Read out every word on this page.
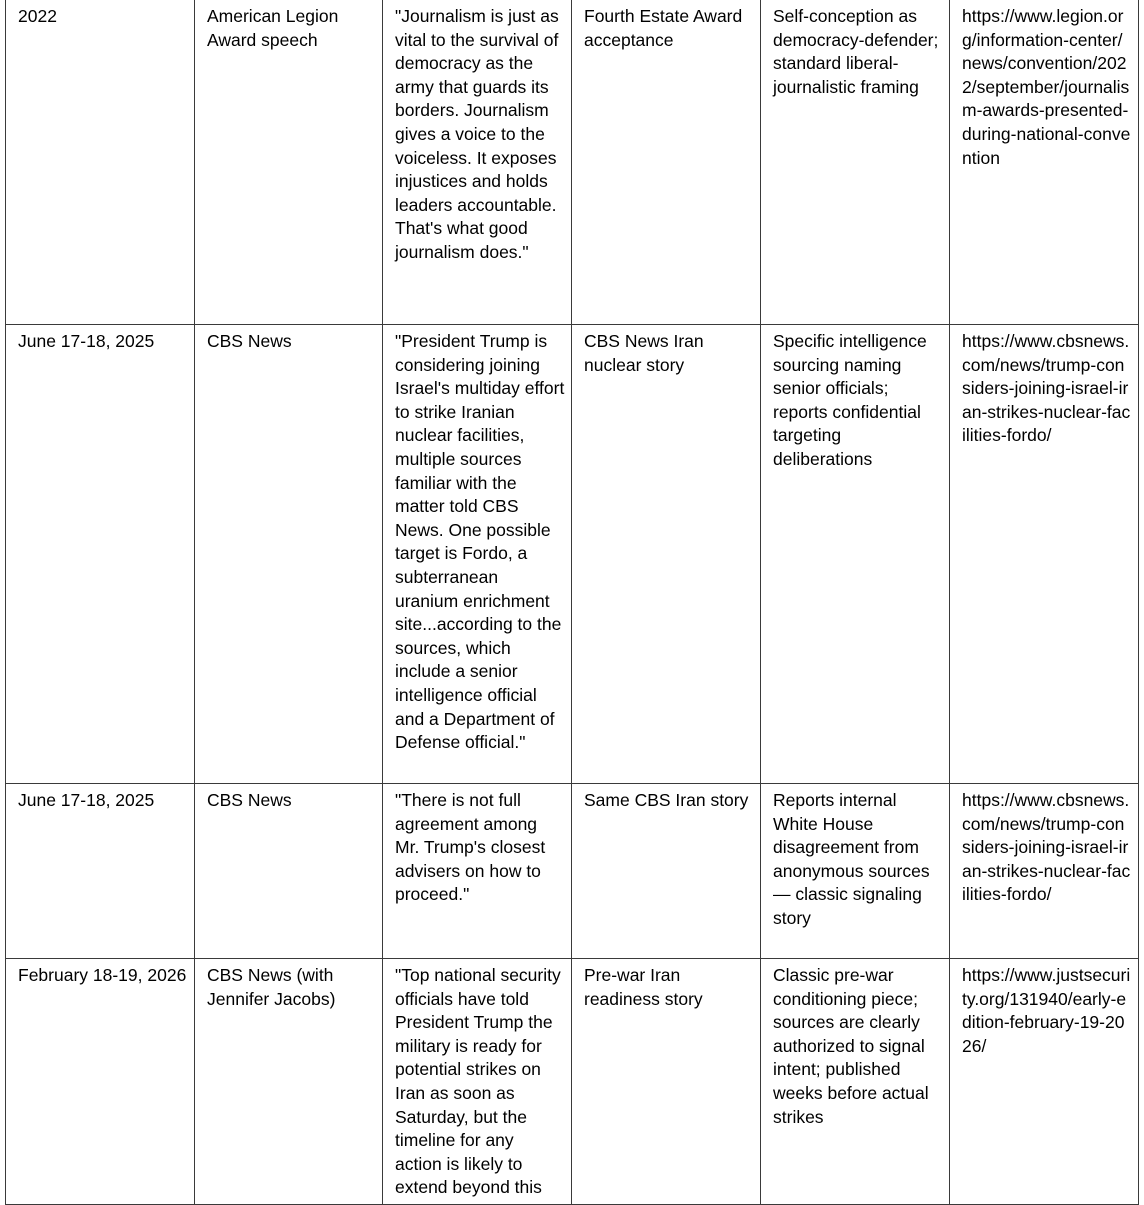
2022	American Legion Award speech	"Journalism is just as vital to the survival of democracy as the army that guards its borders. Journalism gives a voice to the voiceless. It exposes injustices and holds leaders accountable. That's what good journalism does."	Fourth Estate Award acceptance	Self-conception as democracy-defender; standard liberal-journalistic framing	https://www.legion.org/information-center/news/convention/2022/september/journalism-awards-presented-during-national-convention

June 17-18, 2025	CBS News	"President Trump is considering joining Israel's multiday effort to strike Iranian nuclear facilities, multiple sources familiar with the matter told CBS News. One possible target is Fordo, a subterranean uranium enrichment site...according to the sources, which include a senior intelligence official and a Department of Defense official."	CBS News Iran nuclear story	Specific intelligence sourcing naming senior officials; reports confidential targeting deliberations	https://www.cbsnews.com/news/trump-considers-joining-israel-iran-strikes-nuclear-facilities-fordo/

June 17-18, 2025	CBS News	"There is not full agreement among Mr. Trump's closest advisers on how to proceed."	Same CBS Iran story	Reports internal White House disagreement from anonymous sources — classic signaling story	https://www.cbsnews.com/news/trump-considers-joining-israel-iran-strikes-nuclear-facilities-fordo/

February 18-19, 2026	CBS News (with Jennifer Jacobs)	"Top national security officials have told President Trump the military is ready for potential strikes on Iran as soon as Saturday, but the timeline for any action is likely to extend beyond this	Pre-war Iran readiness story	Classic pre-war conditioning piece; sources are clearly authorized to signal intent; published weeks before actual strikes	https://www.justsecurity.org/131940/early-edition-february-19-2026/
